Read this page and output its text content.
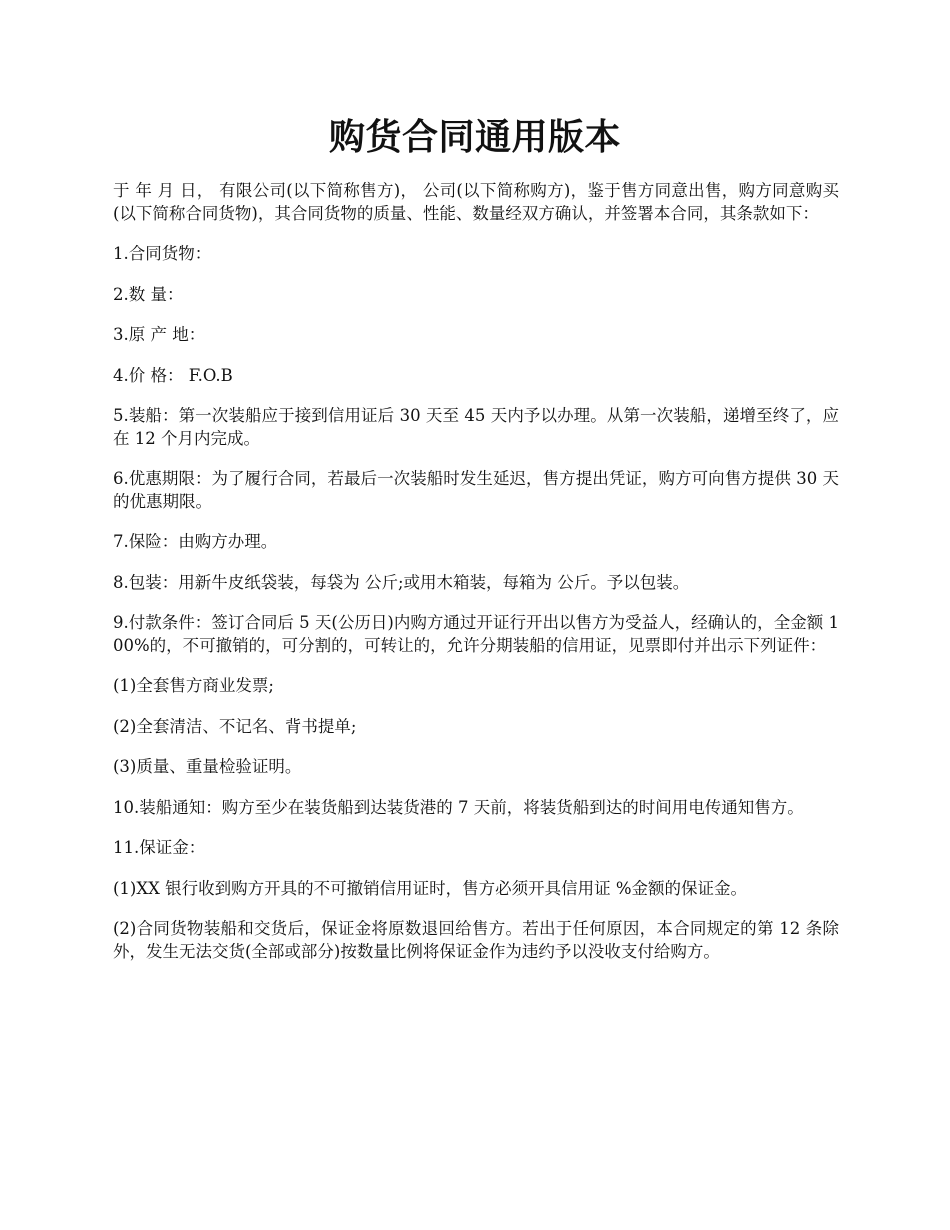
购货合同通用版本

于 年 月 日， 有限公司(以下简称售方)， 公司(以下简称购方)，鉴于售方同意出售，购方同意购买 (以下简称合同货物)，其合同货物的质量、性能、数量经双方确认，并签署本合同，其条款如下：

1.合同货物：

2.数 量：

3.原 产 地：

4.价 格： F.O.B

5.装船：第一次装船应于接到信用证后 30 天至 45 天内予以办理。从第一次装船，递增至终了，应在 12 个月内完成。

6.优惠期限：为了履行合同，若最后一次装船时发生延迟，售方提出凭证，购方可向售方提供 30 天的优惠期限。

7.保险：由购方办理。

8.包装：用新牛皮纸袋装，每袋为 公斤;或用木箱装，每箱为 公斤。予以包装。

9.付款条件：签订合同后 5 天(公历日)内购方通过开证行开出以售方为受益人，经确认的，全金额 100%的，不可撤销的，可分割的，可转让的，允许分期装船的信用证，见票即付并出示下列证件：

(1)全套售方商业发票;

(2)全套清洁、不记名、背书提单;

(3)质量、重量检验证明。

10.装船通知：购方至少在装货船到达装货港的 7 天前，将装货船到达的时间用电传通知售方。

11.保证金：

(1)XX 银行收到购方开具的不可撤销信用证时，售方必须开具信用证 %金额的保证金。

(2)合同货物装船和交货后，保证金将原数退回给售方。若出于任何原因，本合同规定的第 12 条除外，发生无法交货(全部或部分)按数量比例将保证金作为违约予以没收支付给购方。
